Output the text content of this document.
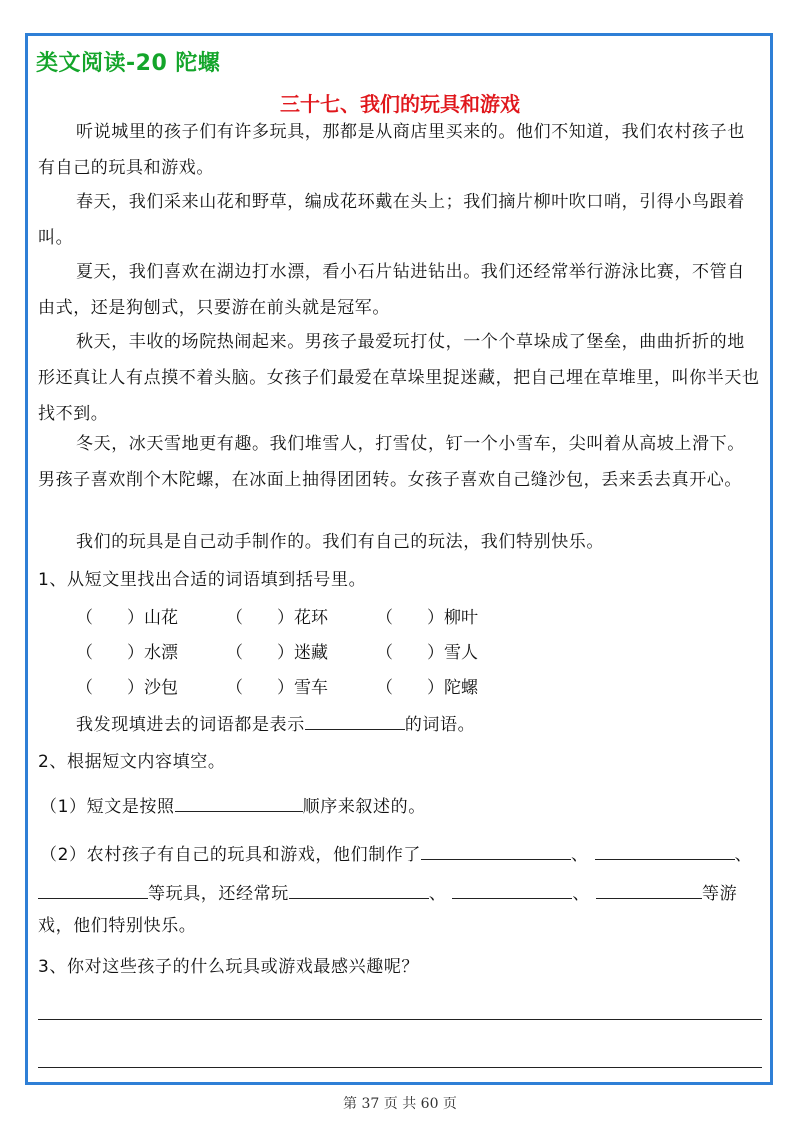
类文阅读-20 陀螺
三十七、我们的玩具和游戏

听说城里的孩子们有许多玩具，那都是从商店里买来的。他们不知道，我们农村孩子也有自己的玩具和游戏。

春天，我们采来山花和野草，编成花环戴在头上；我们摘片柳叶吹口哨，引得小鸟跟着叫。

夏天，我们喜欢在湖边打水漂，看小石片钻进钻出。我们还经常举行游泳比赛，不管自由式，还是狗刨式，只要游在前头就是冠军。

秋天，丰收的场院热闹起来。男孩子最爱玩打仗，一个个草垛成了堡垒，曲曲折折的地形还真让人有点摸不着头脑。女孩子们最爱在草垛里捉迷藏，把自己埋在草堆里，叫你半天也找不到。

冬天，冰天雪地更有趣。我们堆雪人，打雪仗，钉一个小雪车，尖叫着从高坡上滑下。男孩子喜欢削个木陀螺，在冰面上抽得团团转。女孩子喜欢自己缝沙包，丢来丢去真开心。

我们的玩具是自己动手制作的。我们有自己的玩法，我们特别快乐。

1、从短文里找出合适的词语填到括号里。
（　　）山花	（　　）花环	（　　）柳叶
（　　）水漂	（　　）迷藏	（　　）雪人
（　　）沙包	（　　）雪车	（　　）陀螺
我发现填进去的词语都是表示	的词语。
2、根据短文内容填空。
（1）短文是按照	顺序来叙述的。
（2）农村孩子有自己的玩具和游戏，他们制作了	、	、
等玩具，还经常玩	、	、	等游
戏，他们特别快乐。
3、你对这些孩子的什么玩具或游戏最感兴趣呢？
第 37 页 共 60 页
